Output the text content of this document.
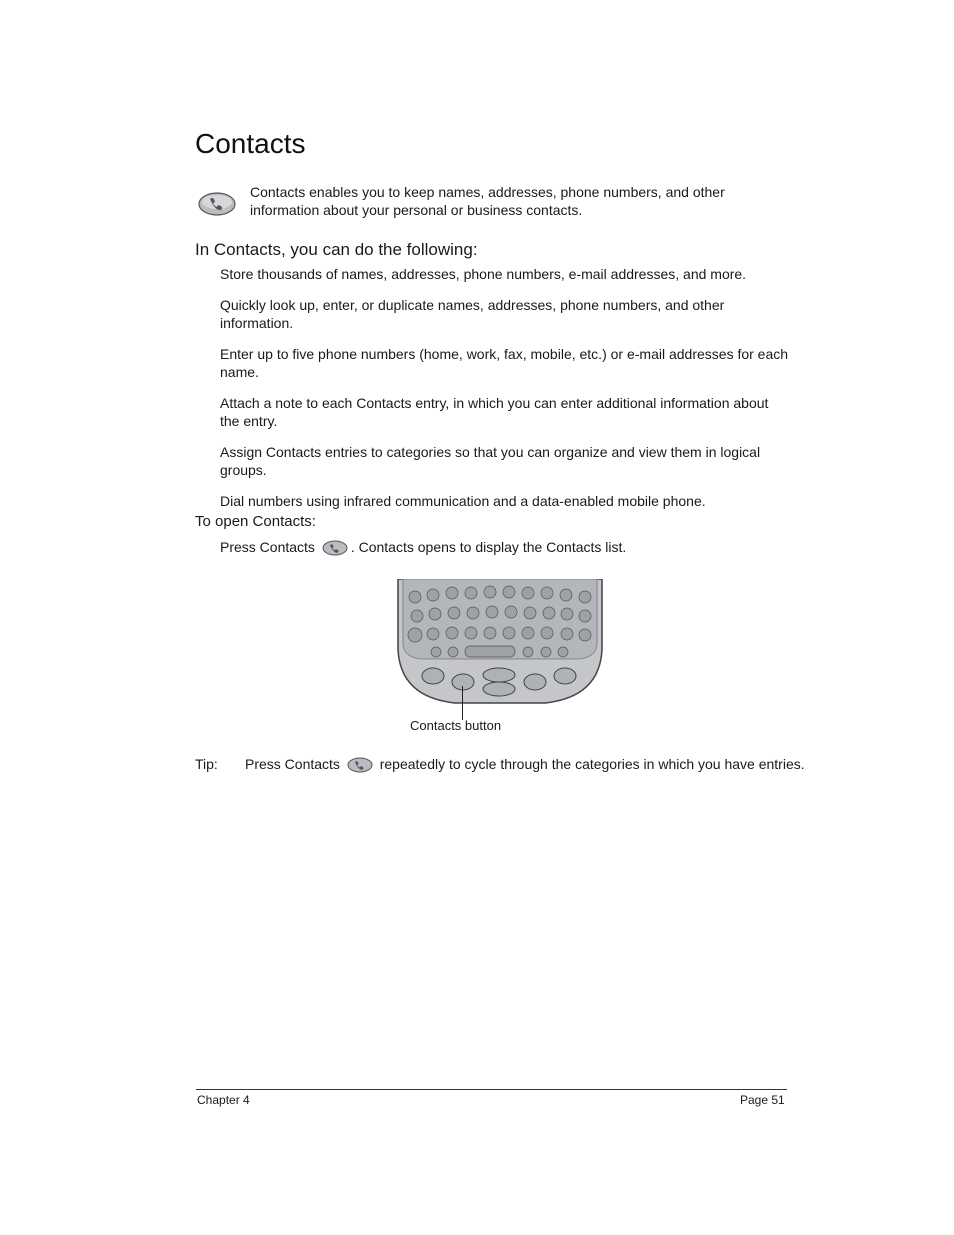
Contacts

Contacts enables you to keep names, addresses, phone numbers, and other information about your personal or business contacts.

In Contacts, you can do the following:
Store thousands of names, addresses, phone numbers, e-mail addresses, and more.
Quickly look up, enter, or duplicate names, addresses, phone numbers, and other information.
Enter up to five phone numbers (home, work, fax, mobile, etc.) or e-mail addresses for each name.
Attach a note to each Contacts entry, in which you can enter additional information about the entry.
Assign Contacts entries to categories so that you can organize and view them in logical groups.
Dial numbers using infrared communication and a data-enabled mobile phone.
To open Contacts:

Press Contacts	. Contacts opens to display the Contacts list.

Contacts button
Tip: Press Contacts	repeatedly to cycle through the categories in which you have entries.
Chapter 4	Page 51
